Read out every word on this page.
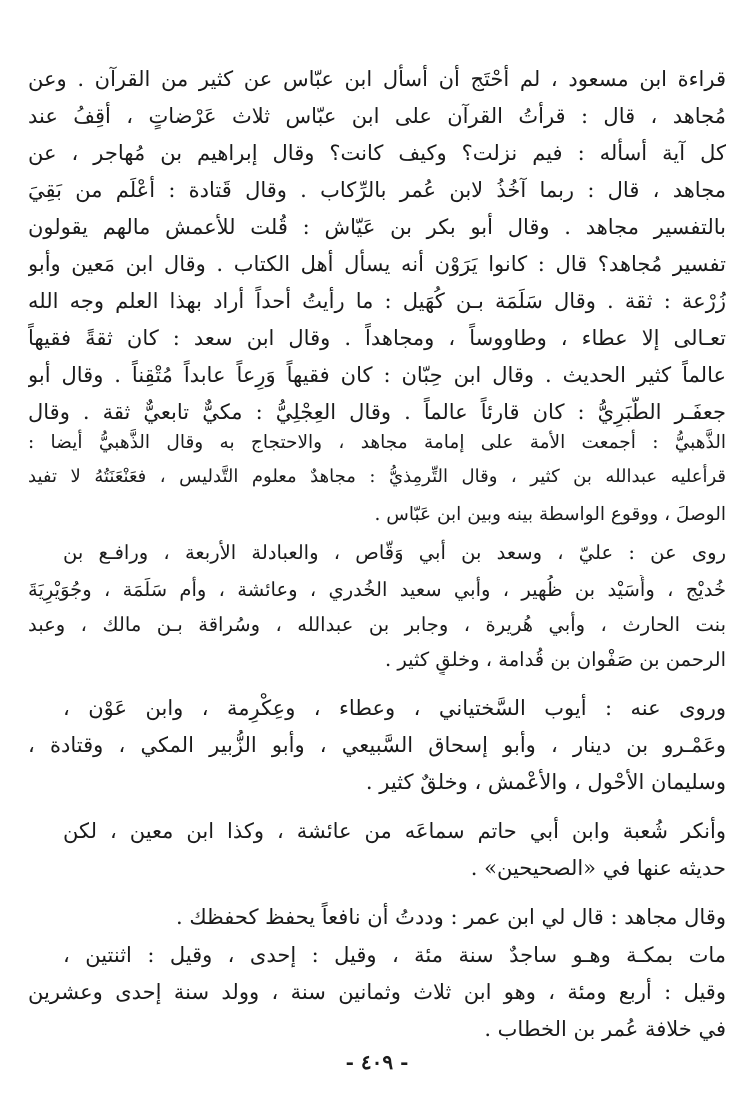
قراءة ابن مسعود ، لم أحْتَج أن أسأل ابن عبّاس عن كثير من القرآن . وعن
مُجاهد ، قال : قرأتُ القرآن على ابن عبّاس ثلاث عَرْضاتٍ ، أقِفُ عند
كل آية أسأله : فيم نزلت؟ وكيف كانت؟ وقال إبراهيم بن مُهاجر ، عن
مجاهد ، قال : ربما آخُذُ لابن عُمر بالرِّكاب . وقال قَتادة : أعْلَم من بَقِيَ
بالتفسير مجاهد . وقال أبو بكر بن عَيّاش : قُلت للأعمش مالهم يقولون
تفسير مُجاهد؟ قال : كانوا يَرَوْن أنه يسأل أهل الكتاب . وقال ابن مَعين وأبو
زُرْعة : ثقة . وقال سَلَمَة بـن كُهَيل : ما رأيتُ أحداً أراد بهذا العلم وجه الله
تعـالى إلا عطاء ، وطاووساً ، ومجاهداً . وقال ابن سعد : كان ثقةً فقيهاً
عالماً كثير الحديث . وقال ابن حِبّان : كان فقيهاً وَرِعاً عابداً مُتْقِناً . وقال أبو
جعفَـر الطَّبَرِيُّ : كان قارئاً عالماً . وقال العِجْلِيُّ : مكيٌّ تابعيٌّ ثقة . وقال
الذَّهبيُّ : أجمعت الأمة على إمامة مجاهد ، والاحتجاج به وقال الذَّهبيُّ أيضا :
قرأعليه عبدالله بن كثير ، وقال التِّرمِذيُّ : مجاهدٌ معلوم التَّدليس ، فعَنْعَنَتُهُ لا تفيد
الوصلَ ، ووقوع الواسطة بينه وبين ابن عَبّاس .
روى عن : عليّ ، وسعد بن أبي وَقّاص ، والعبادلة الأربعة ، ورافـع بن
خُديْج ، وأُسَيْد بن ظُهير ، وأبي سعيد الخُدري ، وعائشة ، وأم سَلَمَة ، وجُوَيْرِيَةَ
بنت الحارث ، وأبي هُريرة ، وجابر بن عبدالله ، وسُراقة بـن مالك ، وعبد
الرحمن بن صَفْوان بن قُدامة ، وخلقٍ كثير .
وروى عنه : أيوب السَّختياني ، وعطاء ، وعِكْرِمة ، وابن عَوْن ،
وعَمْـرو بن دينار ، وأبو إسحاق السَّبيعي ، وأبو الزُّبير المكي ، وقتادة ،
وسليمان الأحْول ، والأعْمش ، وخلقٌ كثير .
وأنكر شُعبة وابن أبي حاتم سماعَه من عائشة ، وكذا ابن معين ، لكن
حديثه عنها في «الصحيحين» .
وقال مجاهد : قال لي ابن عمر : وددتُ أن نافعاً يحفظ كحفظك .
مات بمكـة وهـو ساجدٌ سنة مئة ، وقيل : إحدى ، وقيل : اثنتين ،
وقيل : أربع ومئة ، وهو ابن ثلاث وثمانين سنة ، وولد سنة إحدى وعشرين
في خلافة عُمر بن الخطاب .
- ٤٠٩ -
